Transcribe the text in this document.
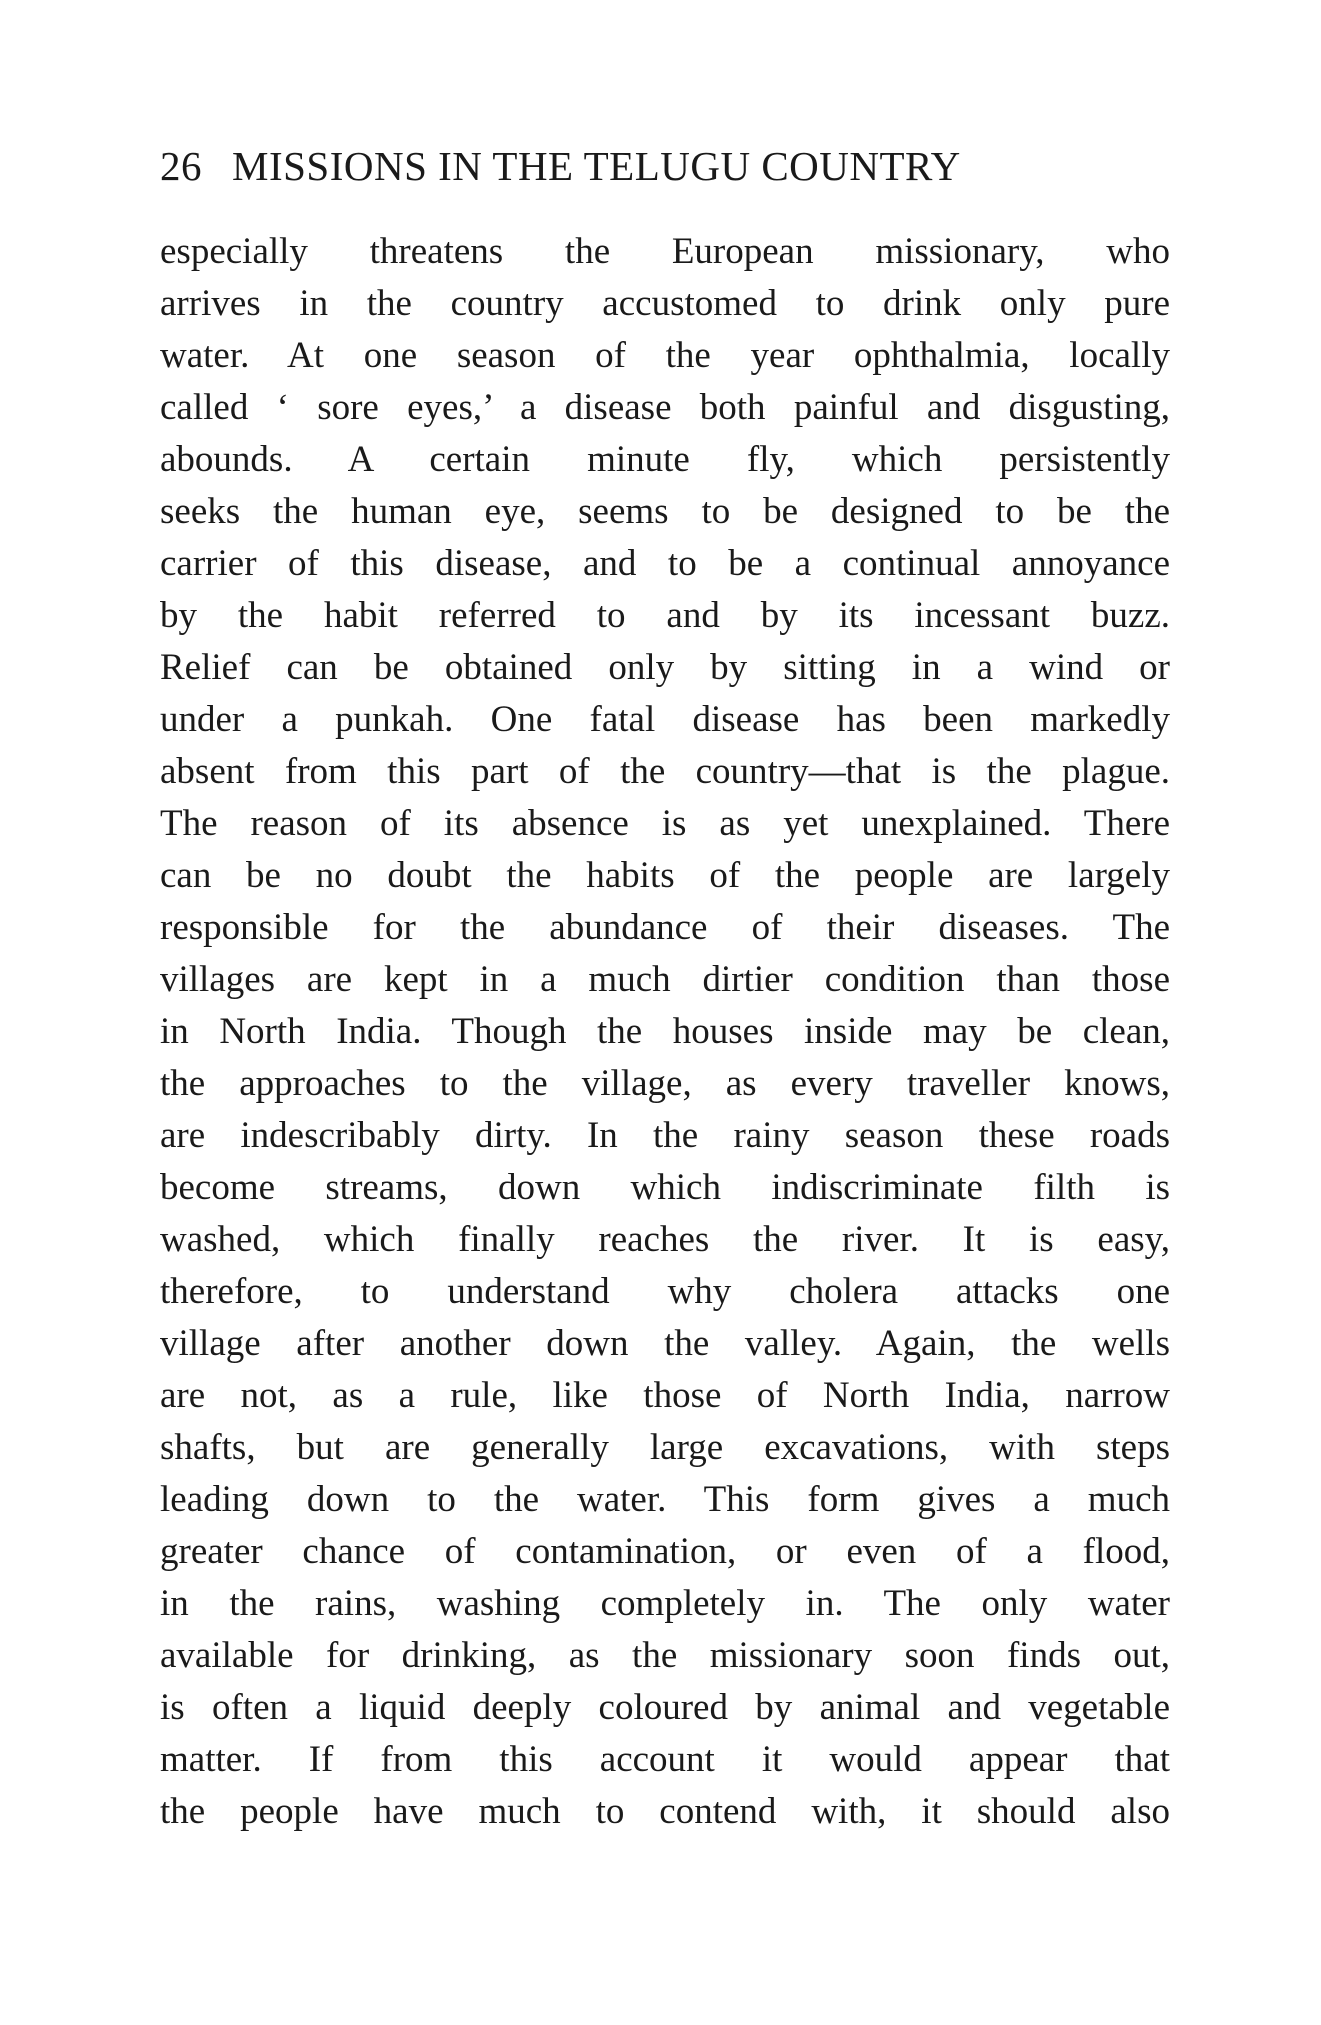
26 MISSIONS IN THE TELUGU COUNTRY
especially threatens the European missionary, who
arrives in the country accustomed to drink only pure
water. At one season of the year ophthalmia, locally
called ‘ sore eyes,’ a disease both painful and disgusting,
abounds. A certain minute fly, which persistently
seeks the human eye, seems to be designed to be the
carrier of this disease, and to be a continual annoyance
by the habit referred to and by its incessant buzz.
Relief can be obtained only by sitting in a wind or
under a punkah. One fatal disease has been markedly
absent from this part of the country—that is the plague.
The reason of its absence is as yet unexplained. There
can be no doubt the habits of the people are largely
responsible for the abundance of their diseases. The
villages are kept in a much dirtier condition than those
in North India. Though the houses inside may be clean,
the approaches to the village, as every traveller knows,
are indescribably dirty. In the rainy season these roads
become streams, down which indiscriminate filth is
washed, which finally reaches the river. It is easy,
therefore, to understand why cholera attacks one
village after another down the valley. Again, the wells
are not, as a rule, like those of North India, narrow
shafts, but are generally large excavations, with steps
leading down to the water. This form gives a much
greater chance of contamination, or even of a flood,
in the rains, washing completely in. The only water
available for drinking, as the missionary soon finds out,
is often a liquid deeply coloured by animal and vegetable
matter. If from this account it would appear that
the people have much to contend with, it should also
